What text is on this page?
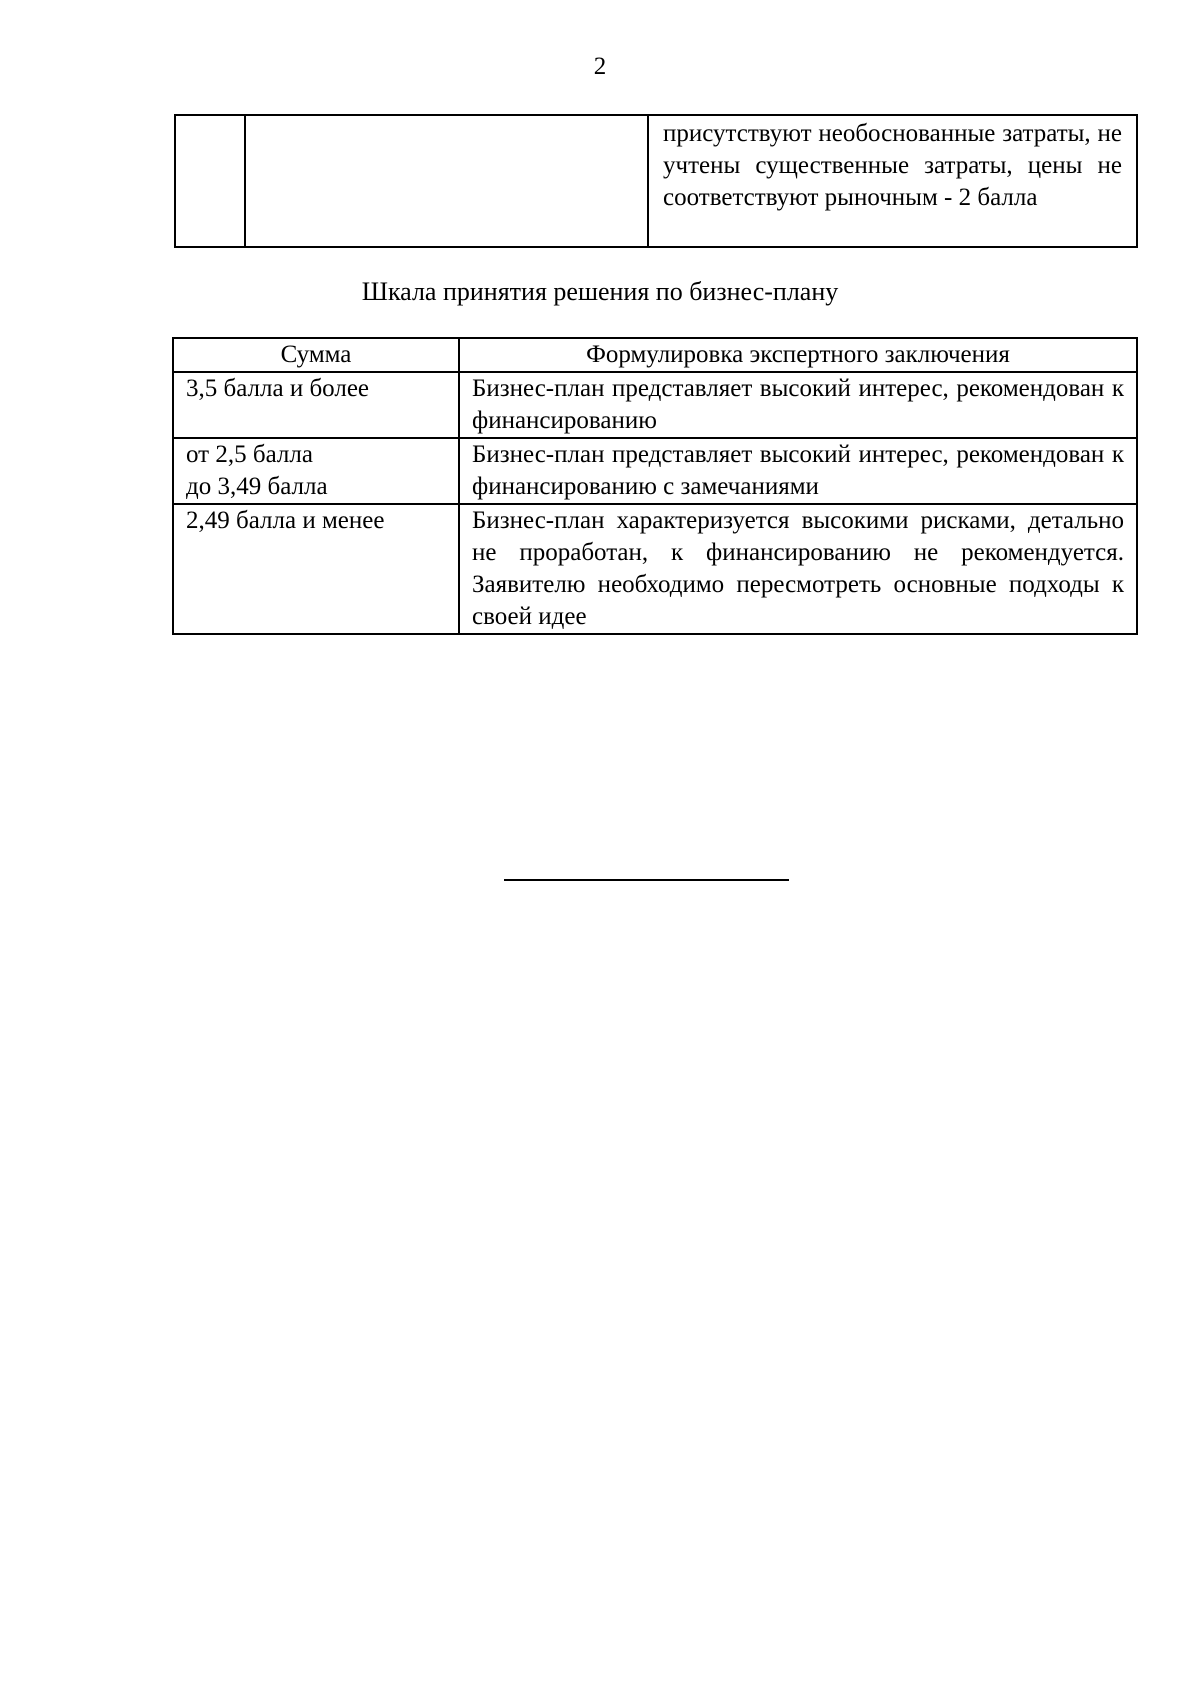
2
		присутствуют необоснованные затраты, не учтены существенные затраты, цены не соответствуют рыночным - 2 балла
Шкала принятия решения по бизнес-плану
Сумма	Формулировка экспертного заключения

3,5 балла и более	Бизнес-план представляет высокий интерес, рекомендован к финансированию

от 2,5 балла
до 3,49 балла	Бизнес-план представляет высокий интерес, рекомендован к финансированию с замечаниями

2,49 балла и менее	Бизнес-план характеризуется высокими рисками, детально не проработан, к финансированию не рекомендуется. Заявителю необходимо пересмотреть основные подходы к своей идее
